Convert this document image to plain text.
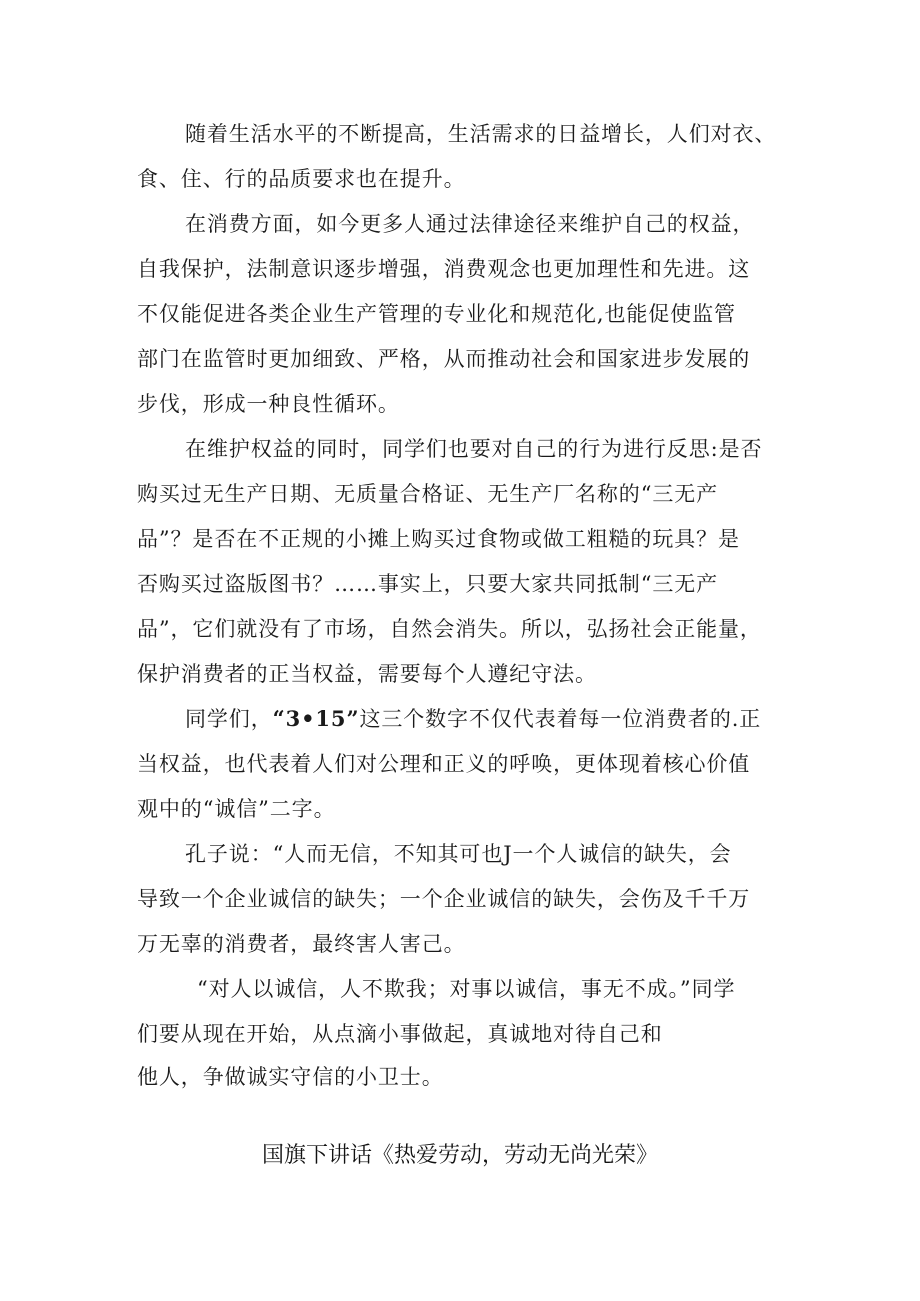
随着生活水平的不断提高，生活需求的日益增长，人们对衣、
食、住、行的品质要求也在提升。
在消费方面，如今更多人通过法律途径来维护自己的权益，
自我保护，法制意识逐步增强，消费观念也更加理性和先进。这
不仅能促进各类企业生产管理的专业化和规范化,也能促使监管
部门在监管时更加细致、严格，从而推动社会和国家进步发展的
步伐，形成一种良性循环。
在维护权益的同时，同学们也要对自己的行为进行反思:是否
购买过无生产日期、无质量合格证、无生产厂名称的“三无产
品”？是否在不正规的小摊上购买过食物或做工粗糙的玩具？是
否购买过盗版图书？……事实上，只要大家共同抵制“三无产
品”，它们就没有了市场，自然会消失。所以，弘扬社会正能量，
保护消费者的正当权益，需要每个人遵纪守法。
同学们，“3•15”这三个数字不仅代表着每一位消费者的.正
当权益，也代表着人们对公理和正义的呼唤，更体现着核心价值
观中的“诚信”二字。
孔子说：“人而无信，不知其可也J一个人诚信的缺失，会
导致一个企业诚信的缺失；一个企业诚信的缺失，会伤及千千万
万无辜的消费者，最终害人害己。
“对人以诚信，人不欺我；对事以诚信，事无不成。”同学
们要从现在开始，从点滴小事做起，真诚地对待自己和
他人，争做诚实守信的小卫士。
国旗下讲话《热爱劳动，劳动无尚光荣》
